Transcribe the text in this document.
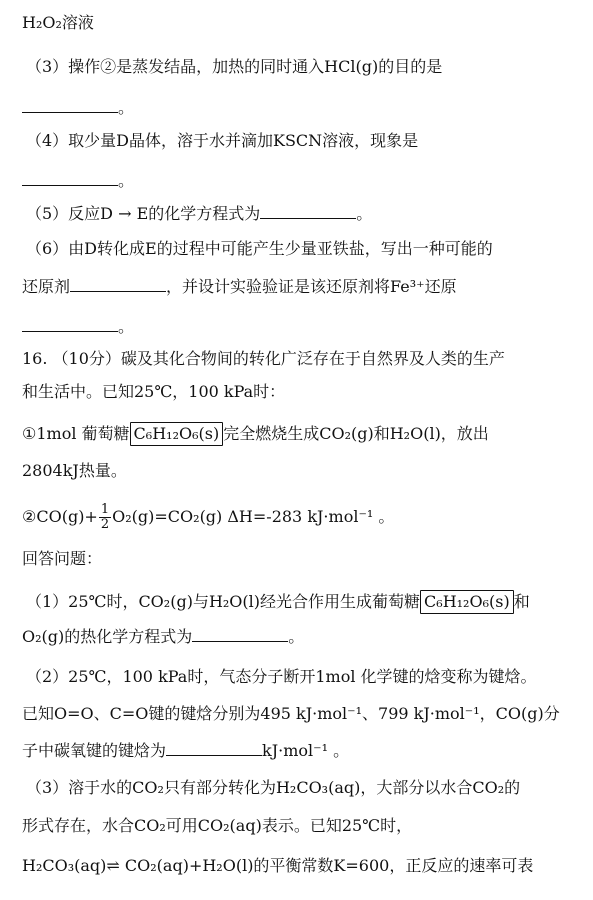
H₂O₂溶液
（3）操作②是蒸发结晶，加热的同时通入HCl(g)的目的是
。
（4）取少量D晶体，溶于水并滴加KSCN溶液，现象是
。
（5）反应D → E的化学方程式为	。
（6）由D转化成E的过程中可能产生少量亚铁盐，写出一种可能的
还原剂	，并设计实验验证是该还原剂将Fe³⁺还原
。
16. （10分）碳及其化合物间的转化广泛存在于自然界及人类的生产
和生活中。已知25℃，100 kPa时：
①1mol 葡萄糖 C₆H₁₂O₆(s) 完全燃烧生成CO₂(g)和H₂O(l)，放出
2804kJ热量。
②CO(g)+ $\frac{1}{2} O_2(g)=CO_2(g)$ ΔH=-283 kJ·mol⁻¹ 。
回答问题：
（1）25℃时，CO₂(g)与H₂O(l)经光合作用生成葡萄糖 C₆H₁₂O₆(s) 和
O₂(g)的热化学方程式为	。
（2）25℃，100 kPa时，气态分子断开1mol 化学键的焓变称为键焓。
已知O=O、C=O键的键焓分别为495 kJ·mol⁻¹、799 kJ·mol⁻¹，CO(g)分
子中碳氧键的键焓为	kJ·mol⁻¹ 。
（3）溶于水的CO₂只有部分转化为H₂CO₃(aq)，大部分以水合CO₂的
形式存在，水合CO₂可用CO₂(aq)表示。已知25℃时，
H₂CO₃(aq)⇌ CO₂(aq)+H₂O(l)的平衡常数K=600，正反应的速率可表
